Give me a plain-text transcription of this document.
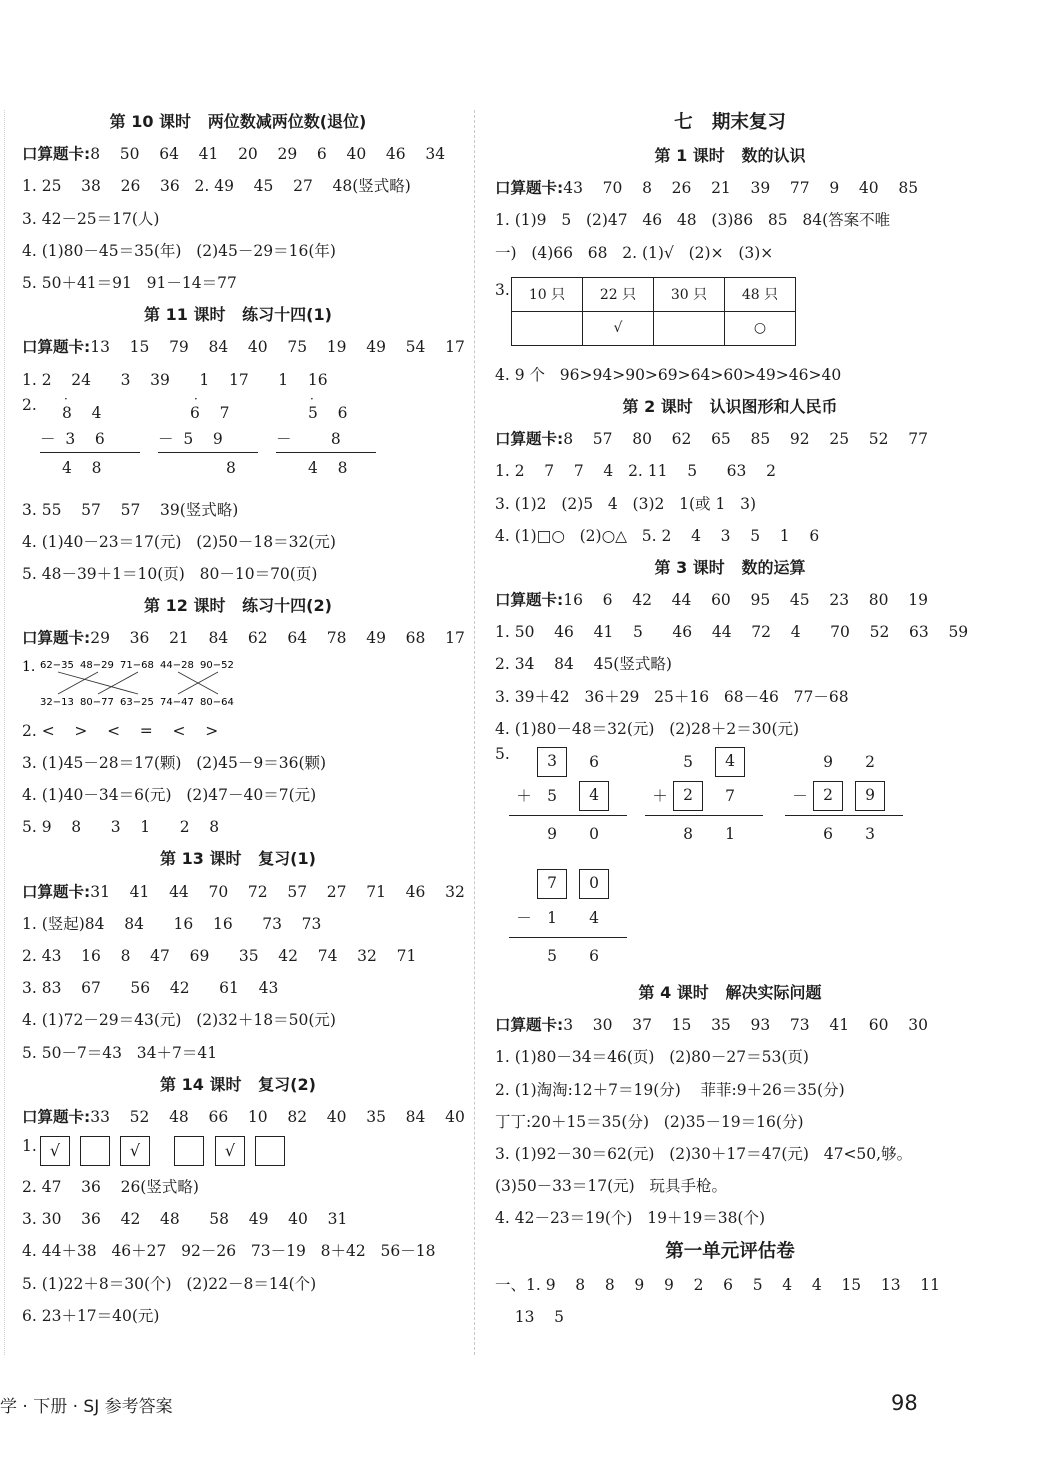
第 10 课时   两位数减两位数(退位)
口算题卡:8    50    64    41    20    29    6    40    46    34
1. 25    38    26    36   2. 49    45    27    48(竖式略)
3. 42－25＝17(人)
4. (1)80－45＝35(年)   (2)45－29＝16(年)
5. 50＋41＝91   91－14＝77
第 11 课时   练习十四(1)
口算题卡:13    15    79    84    40    75    19    49    54    17
1. 2    24      3    39      1    17      1    16
2. ·
8    4
－  3    6
4    8
·
6    7
－  5    9
8
·
5    6
－        8
4    8
3. 55    57    57    39(竖式略)
4. (1)40－23＝17(元)   (2)50－18＝32(元)
5. 48－39＋1＝10(页)   80－10＝70(页)
第 12 课时   练习十四(2)
口算题卡:29    36    21    84    62    64    78    49    68    17
1. 62−35 48−29 71−68 44−28 90−52
32−13 80−77 63−25 74−47 80−64
2. <    >    <    =    <    >
3. (1)45－28＝17(颗)   (2)45－9＝36(颗)
4. (1)40－34＝6(元)   (2)47－40＝7(元)
5. 9    8      3    1      2    8
第 13 课时   复习(1)
口算题卡:31    41    44    70    72    57    27    71    46    32
1. (竖起)84    84      16    16      73    73
2. 43    16    8    47    69      35    42    74    32    71
3. 83    67      56    42      61    43
4. (1)72－29＝43(元)   (2)32＋18＝50(元)
5. 50－7＝43   34＋7＝41
第 14 课时   复习(2)
口算题卡:33    52    48    66    10    82    40    35    84    40
1. √	√	√
2. 47    36    26(竖式略)
3. 30    36    42    48      58    49    40    31
4. 44＋38   46＋27   92－26   73－19   8＋42   56－18
5. (1)22＋8＝30(个)   (2)22－8＝14(个)
6. 23＋17＝40(元)
七   期末复习
第 1 课时   数的认识
口算题卡:43    70    8    26    21    39    77    9    40    85
1. (1)9   5   (2)47   46   48   (3)86   85   84(答案不唯
一)   (4)66   68   2. (1)√   (2)×   (3)×
3. 10 只	22 只	30 只	48 只
	√		○
4. 9 个   96>94>90>69>64>60>49>46>40
第 2 课时   认识图形和人民币
口算题卡:8    57    80    62    65    85    92    25    52    77
1. 2    7    7    4   2. 11    5      63    2
3. (1)2   (2)5   4   (3)2   1(或 1   3)
4. (1)□○   (2)○△   5. 2    4    3    5    1    6
第 3 课时   数的运算
口算题卡:16    6    42    44    60    95    45    23    80    19
1. 50    46    41    5      46    44    72    4      70    52    63    59
2. 34    84    45(竖式略)
3. 39＋42   36＋29   25＋16   68－46   77－68
4. (1)80－48＝32(元)   (2)28＋2＝30(元)
5.	3	6
＋ 5	4
9	0
5	4
＋ 2	7
8	1
9	2
－ 2	9
6	3
7	0
－ 1	4
5	6
第 4 课时   解决实际问题
口算题卡:3    30    37    15    35    93    73    41    60    30
1. (1)80－34＝46(页)   (2)80－27＝53(页)
2. (1)淘淘:12＋7＝19(分)    菲菲:9＋26＝35(分)
丁丁:20＋15＝35(分)   (2)35－19＝16(分)
3. (1)92－30＝62(元)   (2)30＋17＝47(元)   47<50,够。
(3)50－33＝17(元)   玩具手枪。
4. 42－23＝19(个)   19＋19＝38(个)
第一单元评估卷
一、1. 9    8    8    9    9    2    6    5    4    4    15    13    11
13    5
学 · 下册 · SJ 参考答案	98
